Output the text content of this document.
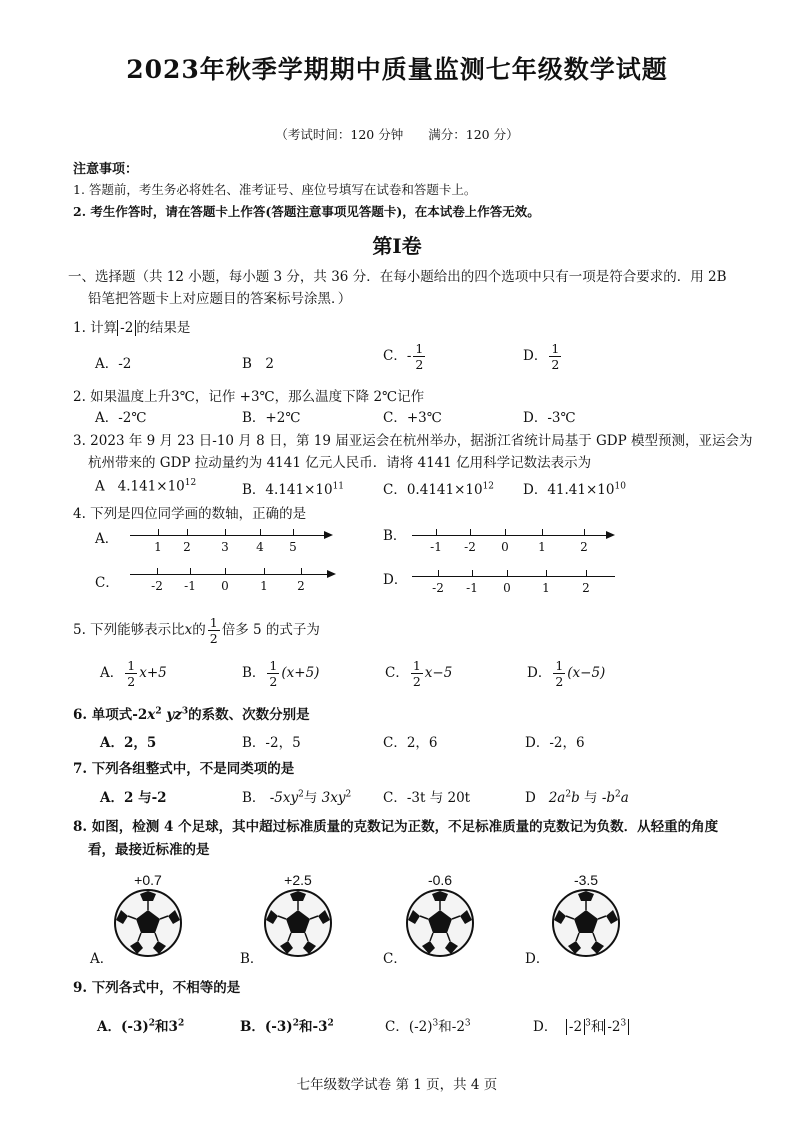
2023年秋季学期期中质量监测七年级数学试题
（考试时间：120 分钟　　满分：120 分）
注意事项：
1. 答题前，考生务必将姓名、准考证号、座位号填写在试卷和答题卡上。
2. 考生作答时，请在答题卡上作答(答题注意事项见答题卡)，在本试卷上作答无效。
第Ⅰ卷
一、选择题（共 12 小题，每小题 3 分，共 36 分．在每小题给出的四个选项中只有一项是符合要求的．用 2B
铅笔把答题卡上对应题目的答案标号涂黑．）
1. 计算 -2 的结果是
A．-2	B　2	C．- $\frac{1}{2}$	D． $\frac{1}{2}$
2. 如果温度上升3℃，记作 +3℃，那么温度下降 2℃记作
A．-2℃	B．+2℃	C．+3℃	D．-3℃
3. 2023 年 9 月 23 日-10 月 8 日，第 19 届亚运会在杭州举办，据浙江省统计局基于 GDP 模型预测，亚运会为
杭州带来的 GDP 拉动量约为 4141 亿元人民币．请将 4141 亿用科学记数法表示为
A $4.141\times 10^{12}$	B．$4.141\times 10^{11}$	C．$0.4141\times 10^{12}$ D．$41.41\times 10^{10}$
4. 下列是四位同学画的数轴，正确的是
A．	B．
C．	D．
1 2	3 4 5	-1 -2 0 1	2
-2 -1 0	1 2	-2 -1 0	1	2
5. 下列能够表示比x的 $\frac{1}{2}$ 倍多 5 的式子为
A． $\frac{1}{2} x+5$	B． $\frac{1}{2} (x+5)$	C． $\frac{1}{2} x-5$	D． $\frac{1}{2} (x-5)$
6. 单项式$-2x^2$ $yz^3$的系数、次数分别是
A．2，5	B．-2，5	C．2，6	D．-2，6
7. 下列各组整式中，不是同类项的是
A．2 与-2	B． $-5xy^2$与 $3xy^2$ C．-3t 与 20t	D $2a^2b$ 与 $-b^2a$
8. 如图，检测 4 个足球，其中超过标准质量的克数记为正数，不足标准质量的克数记为负数．从轻重的角度
看，最接近标准的是
+0.7
A．
+2.5
B．
-0.6
C．
-3.5
D．
9. 下列各式中，不相等的是
A．$(-3)^2$和$3^2$	B．$(-3)^2$和$-3^2$	C．$(-2)^3$和$-2^3$	D． -2 $^3$和 $-2^3$
七年级数学试卷 第 1 页，共 4 页
